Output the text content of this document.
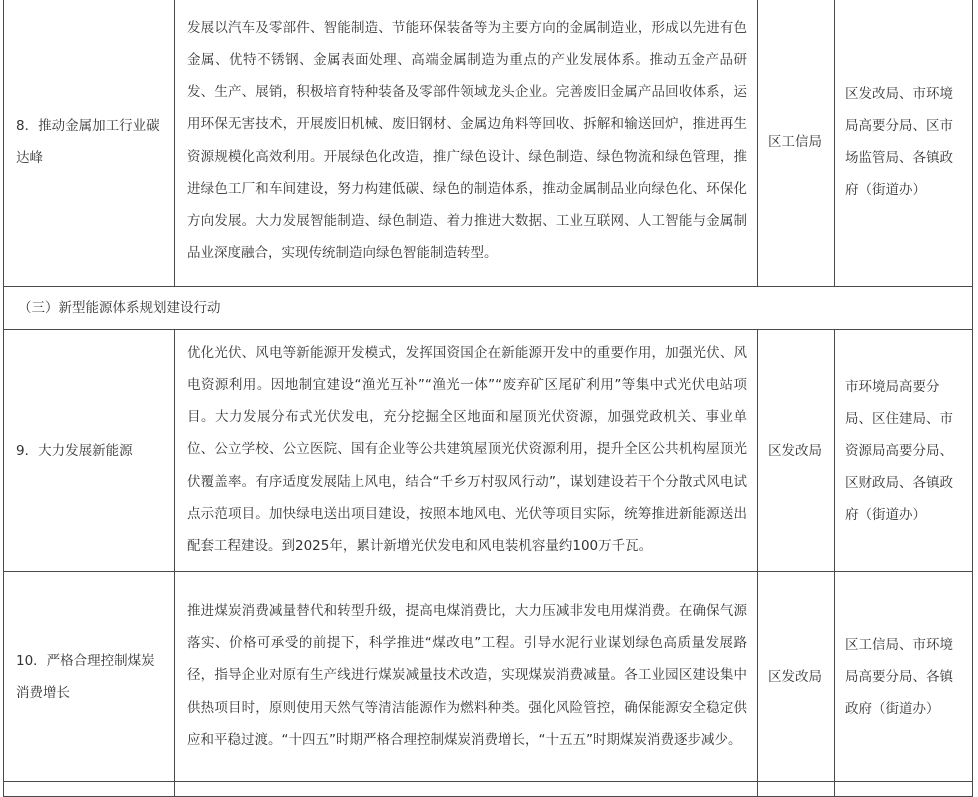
8．推动金属加工行业碳达峰	发展以汽车及零部件、智能制造、节能环保装备等为主要方向的金属制造业，形成以先进有色金属、优特不锈钢、金属表面处理、高端金属制造为重点的产业发展体系。推动五金产品研发、生产、展销，积极培育特种装备及零部件领域龙头企业。完善废旧金属产品回收体系，运用环保无害技术，开展废旧机械、废旧钢材、金属边角料等回收、拆解和输送回炉，推进再生资源规模化高效利用。开展绿色化改造，推广绿色设计、绿色制造、绿色物流和绿色管理，推进绿色工厂和车间建设，努力构建低碳、绿色的制造体系，推动金属制品业向绿色化、环保化方向发展。大力发展智能制造、绿色制造、着力推进大数据、工业互联网、人工智能与金属制品业深度融合，实现传统制造向绿色智能制造转型。	区工信局	区发改局、市环境局高要分局、区市场监管局、各镇政府（街道办）
（三）新型能源体系规划建设行动			
9．大力发展新能源	优化光伏、风电等新能源开发模式，发挥国资国企在新能源开发中的重要作用，加强光伏、风电资源利用。因地制宜建设“渔光互补”“渔光一体”“废弃矿区尾矿利用”等集中式光伏电站项目。大力发展分布式光伏发电，充分挖掘全区地面和屋顶光伏资源，加强党政机关、事业单位、公立学校、公立医院、国有企业等公共建筑屋顶光伏资源利用，提升全区公共机构屋顶光伏覆盖率。有序适度发展陆上风电，结合“千乡万村驭风行动”，谋划建设若干个分散式风电试点示范项目。加快绿电送出项目建设，按照本地风电、光伏等项目实际，统筹推进新能源送出配套工程建设。到2025年，累计新增光伏发电和风电装机容量约100万千瓦。	区发改局	市环境局高要分局、区住建局、市资源局高要分局、区财政局、各镇政府（街道办）
10．严格合理控制煤炭消费增长	推进煤炭消费减量替代和转型升级，提高电煤消费比，大力压减非发电用煤消费。在确保气源落实、价格可承受的前提下，科学推进“煤改电”工程。引导水泥行业谋划绿色高质量发展路径，指导企业对原有生产线进行煤炭减量技术改造，实现煤炭消费减量。各工业园区建设集中供热项目时，原则使用天然气等清洁能源作为燃料种类。强化风险管控，确保能源安全稳定供应和平稳过渡。“十四五”时期严格合理控制煤炭消费增长，“十五五”时期煤炭消费逐步减少。	区发改局	区工信局、市环境局高要分局、各镇政府（街道办）
